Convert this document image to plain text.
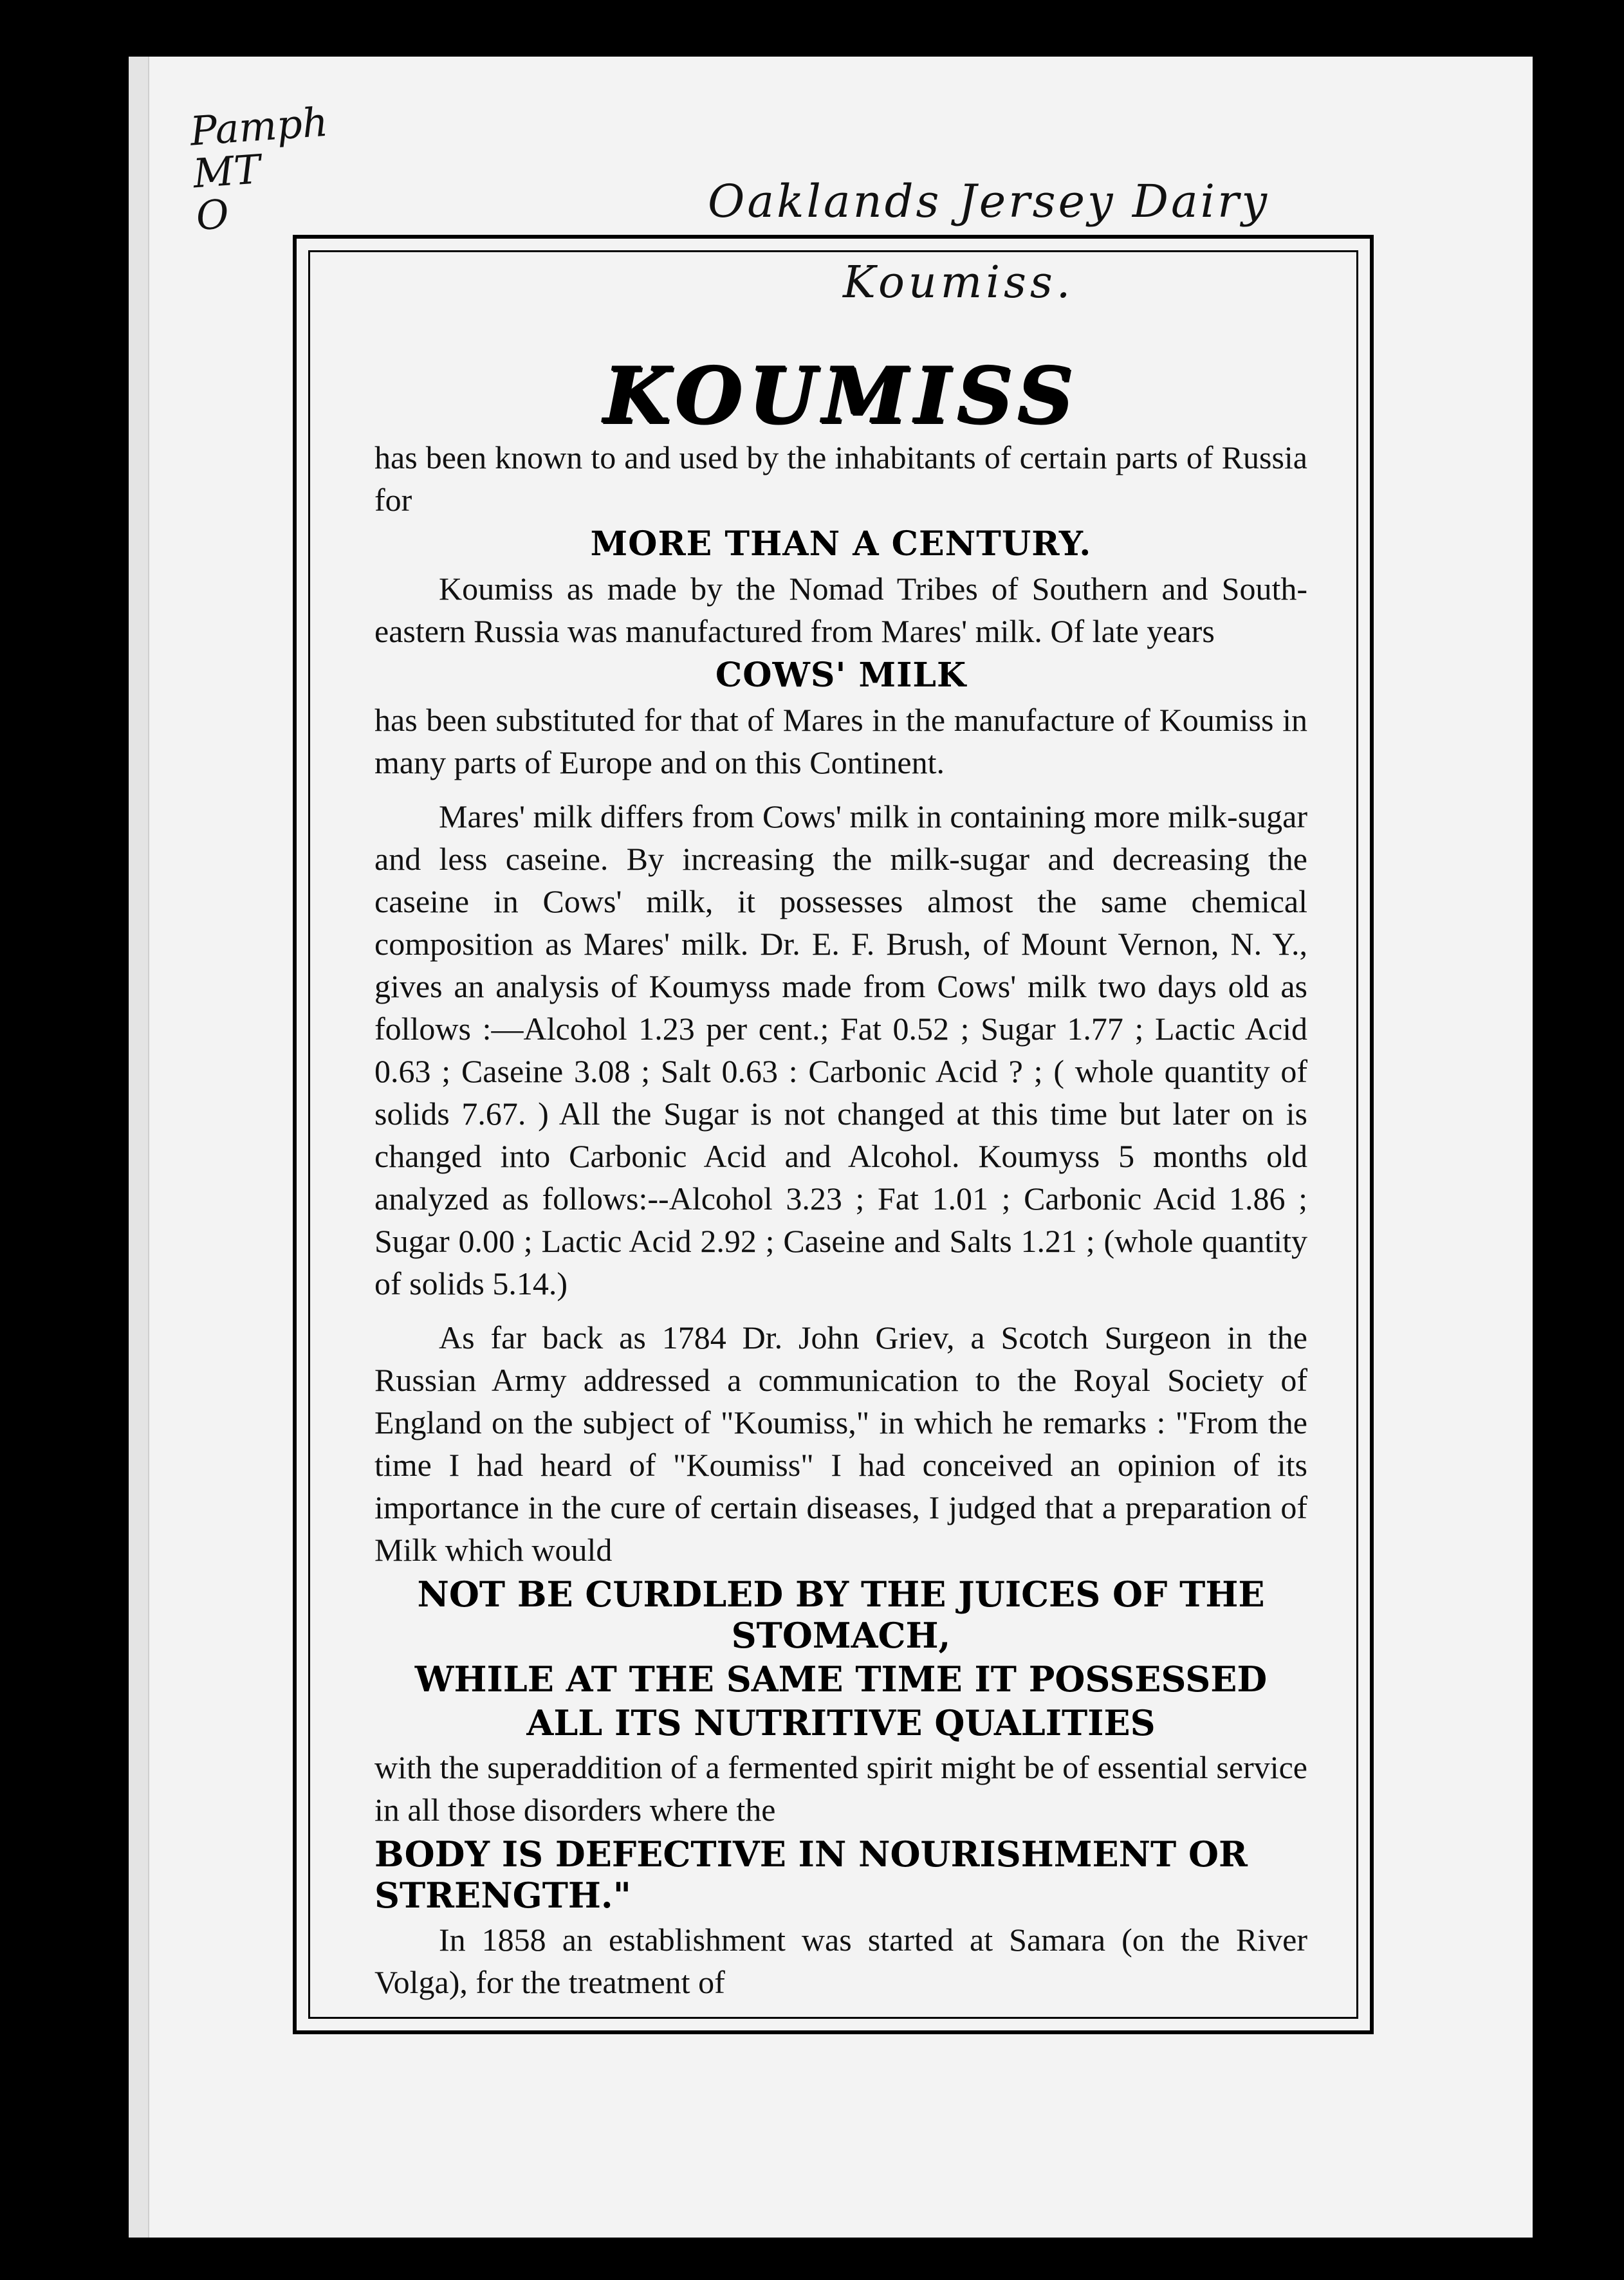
Pamph
MT
O	Oaklands Jersey Dairy
Koumiss.
KOUMISS

has been known to and used by the inhabitants of certain parts of Russia for

MORE THAN A CENTURY.

Koumiss as made by the Nomad Tribes of Southern and South-eastern Russia was manufactured from Mares' milk. Of late years

COWS' MILK

has been substituted for that of Mares in the manufacture of Koumiss in many parts of Europe and on this Continent.

Mares' milk differs from Cows' milk in containing more milk-sugar and less caseine. By increasing the milk-sugar and decreasing the caseine in Cows' milk, it possesses almost the same chemical composition as Mares' milk. Dr. E. F. Brush, of Mount Vernon, N. Y., gives an analysis of Koumyss made from Cows' milk two days old as follows :—Alcohol 1.23 per cent.; Fat 0.52 ; Sugar 1.77 ; Lactic Acid 0.63 ; Caseine 3.08 ; Salt 0.63 : Carbonic Acid ? ; ( whole quantity of solids 7.67. ) All the Sugar is not changed at this time but later on is changed into Carbonic Acid and Alcohol. Koumyss 5 months old analyzed as follows:--Alcohol 3.23 ; Fat 1.01 ; Carbonic Acid 1.86 ; Sugar 0.00 ; Lactic Acid 2.92 ; Caseine and Salts 1.21 ; (whole quantity of solids 5.14.)

As far back as 1784 Dr. John Griev, a Scotch Surgeon in the Russian Army addressed a communication to the Royal Society of England on the subject of "Koumiss," in which he remarks : "From the time I had heard of "Koumiss" I had conceived an opinion of its importance in the cure of certain diseases, I judged that a preparation of Milk which would

NOT BE CURDLED BY THE JUICES OF THE STOMACH,
WHILE AT THE SAME TIME IT POSSESSED
ALL ITS NUTRITIVE QUALITIES

with the superaddition of a fermented spirit might be of essential service in all those disorders where the

BODY IS DEFECTIVE IN NOURISHMENT OR STRENGTH."

In 1858 an establishment was started at Samara (on the River Volga), for the treatment of
